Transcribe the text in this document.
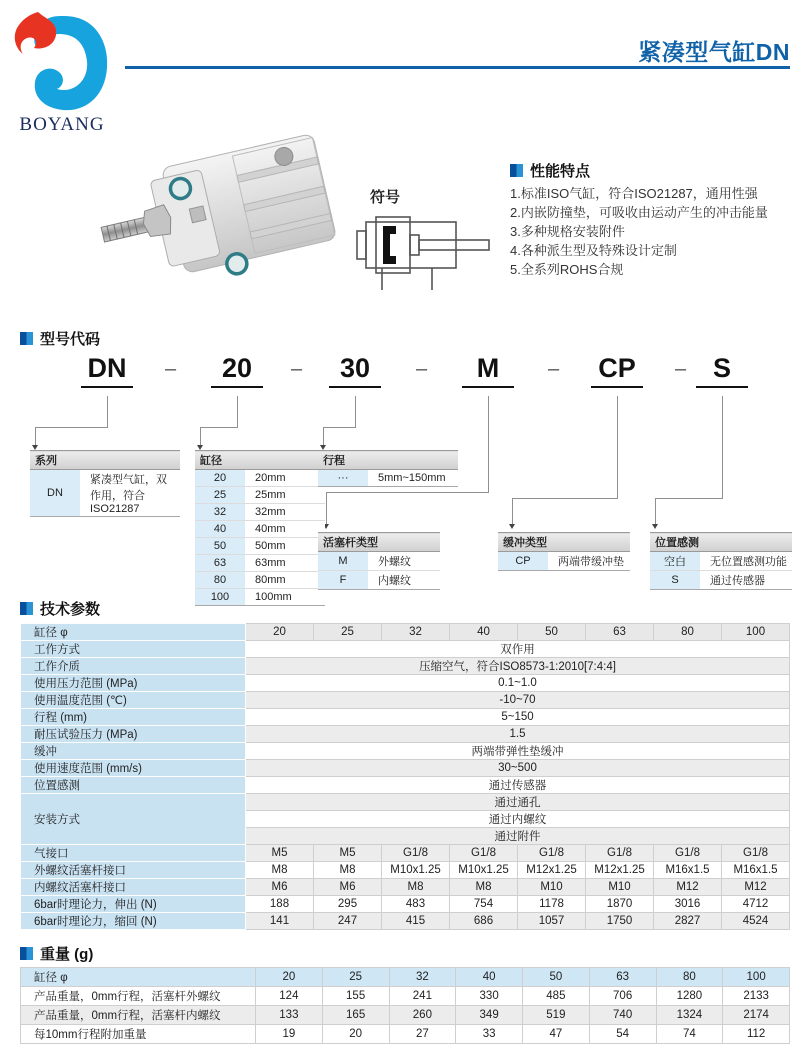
BOYANG
紧凑型气缸DN
符号
性能特点
1.标准ISO气缸，符合ISO21287，通用性强
2.内嵌防撞垫，可吸收由运动产生的冲击能量
3.多种规格安装附件
4.各种派生型及特殊设计定制
5.全系列ROHS合规
型号代码
DN	–	20	–	30	–	M	– CP	– S
系列
DN	紧凑型气缸，双作用，符合ISO21287
缸径	
20	20mm
25	25mm
32	32mm
40	40mm
50	50mm
63	63mm
80	80mm
100	100mm
行程
···	5mm~150mm
活塞杆类型	
M	外螺纹
F	内螺纹
缓冲类型
CP	两端带缓冲垫
位置感测	
空白	无位置感测功能
S	通过传感器
技术参数
缸径 φ	20	25	32	40	50	63	80	100
工作方式	双作用							
工作介质	压缩空气，符合ISO8573-1:2010[7:4:4]							
使用压力范围 (MPa)	0.1~1.0							
使用温度范围 (℃)	-10~70							
行程 (mm)	5~150							
耐压试验压力 (MPa)	1.5							
缓冲	两端带弹性垫缓冲							
使用速度范围 (mm/s)	30~500							
位置感测	通过传感器							
安装方式	通过通孔							
	通过内螺纹							
	通过附件							
气接口	M5	M5	G1/8	G1/8	G1/8	G1/8	G1/8	G1/8
外螺纹活塞杆接口	M8	M8	M10x1.25	M10x1.25	M12x1.25	M12x1.25	M16x1.5	M16x1.5
内螺纹活塞杆接口	M6	M6	M8	M8	M10	M10	M12	M12
6bar时理论力，伸出 (N)	188	295	483	754	1178	1870	3016	4712
6bar时理论力，缩回 (N)	141	247	415	686	1057	1750	2827	4524
重量 (g)
缸径 φ	20	25	32	40	50	63	80	100
产品重量，0mm行程，活塞杆外螺纹	124	155	241	330	485	706	1280	2133
产品重量，0mm行程，活塞杆内螺纹	133	165	260	349	519	740	1324	2174
每10mm行程附加重量	19	20	27	33	47	54	74	112
